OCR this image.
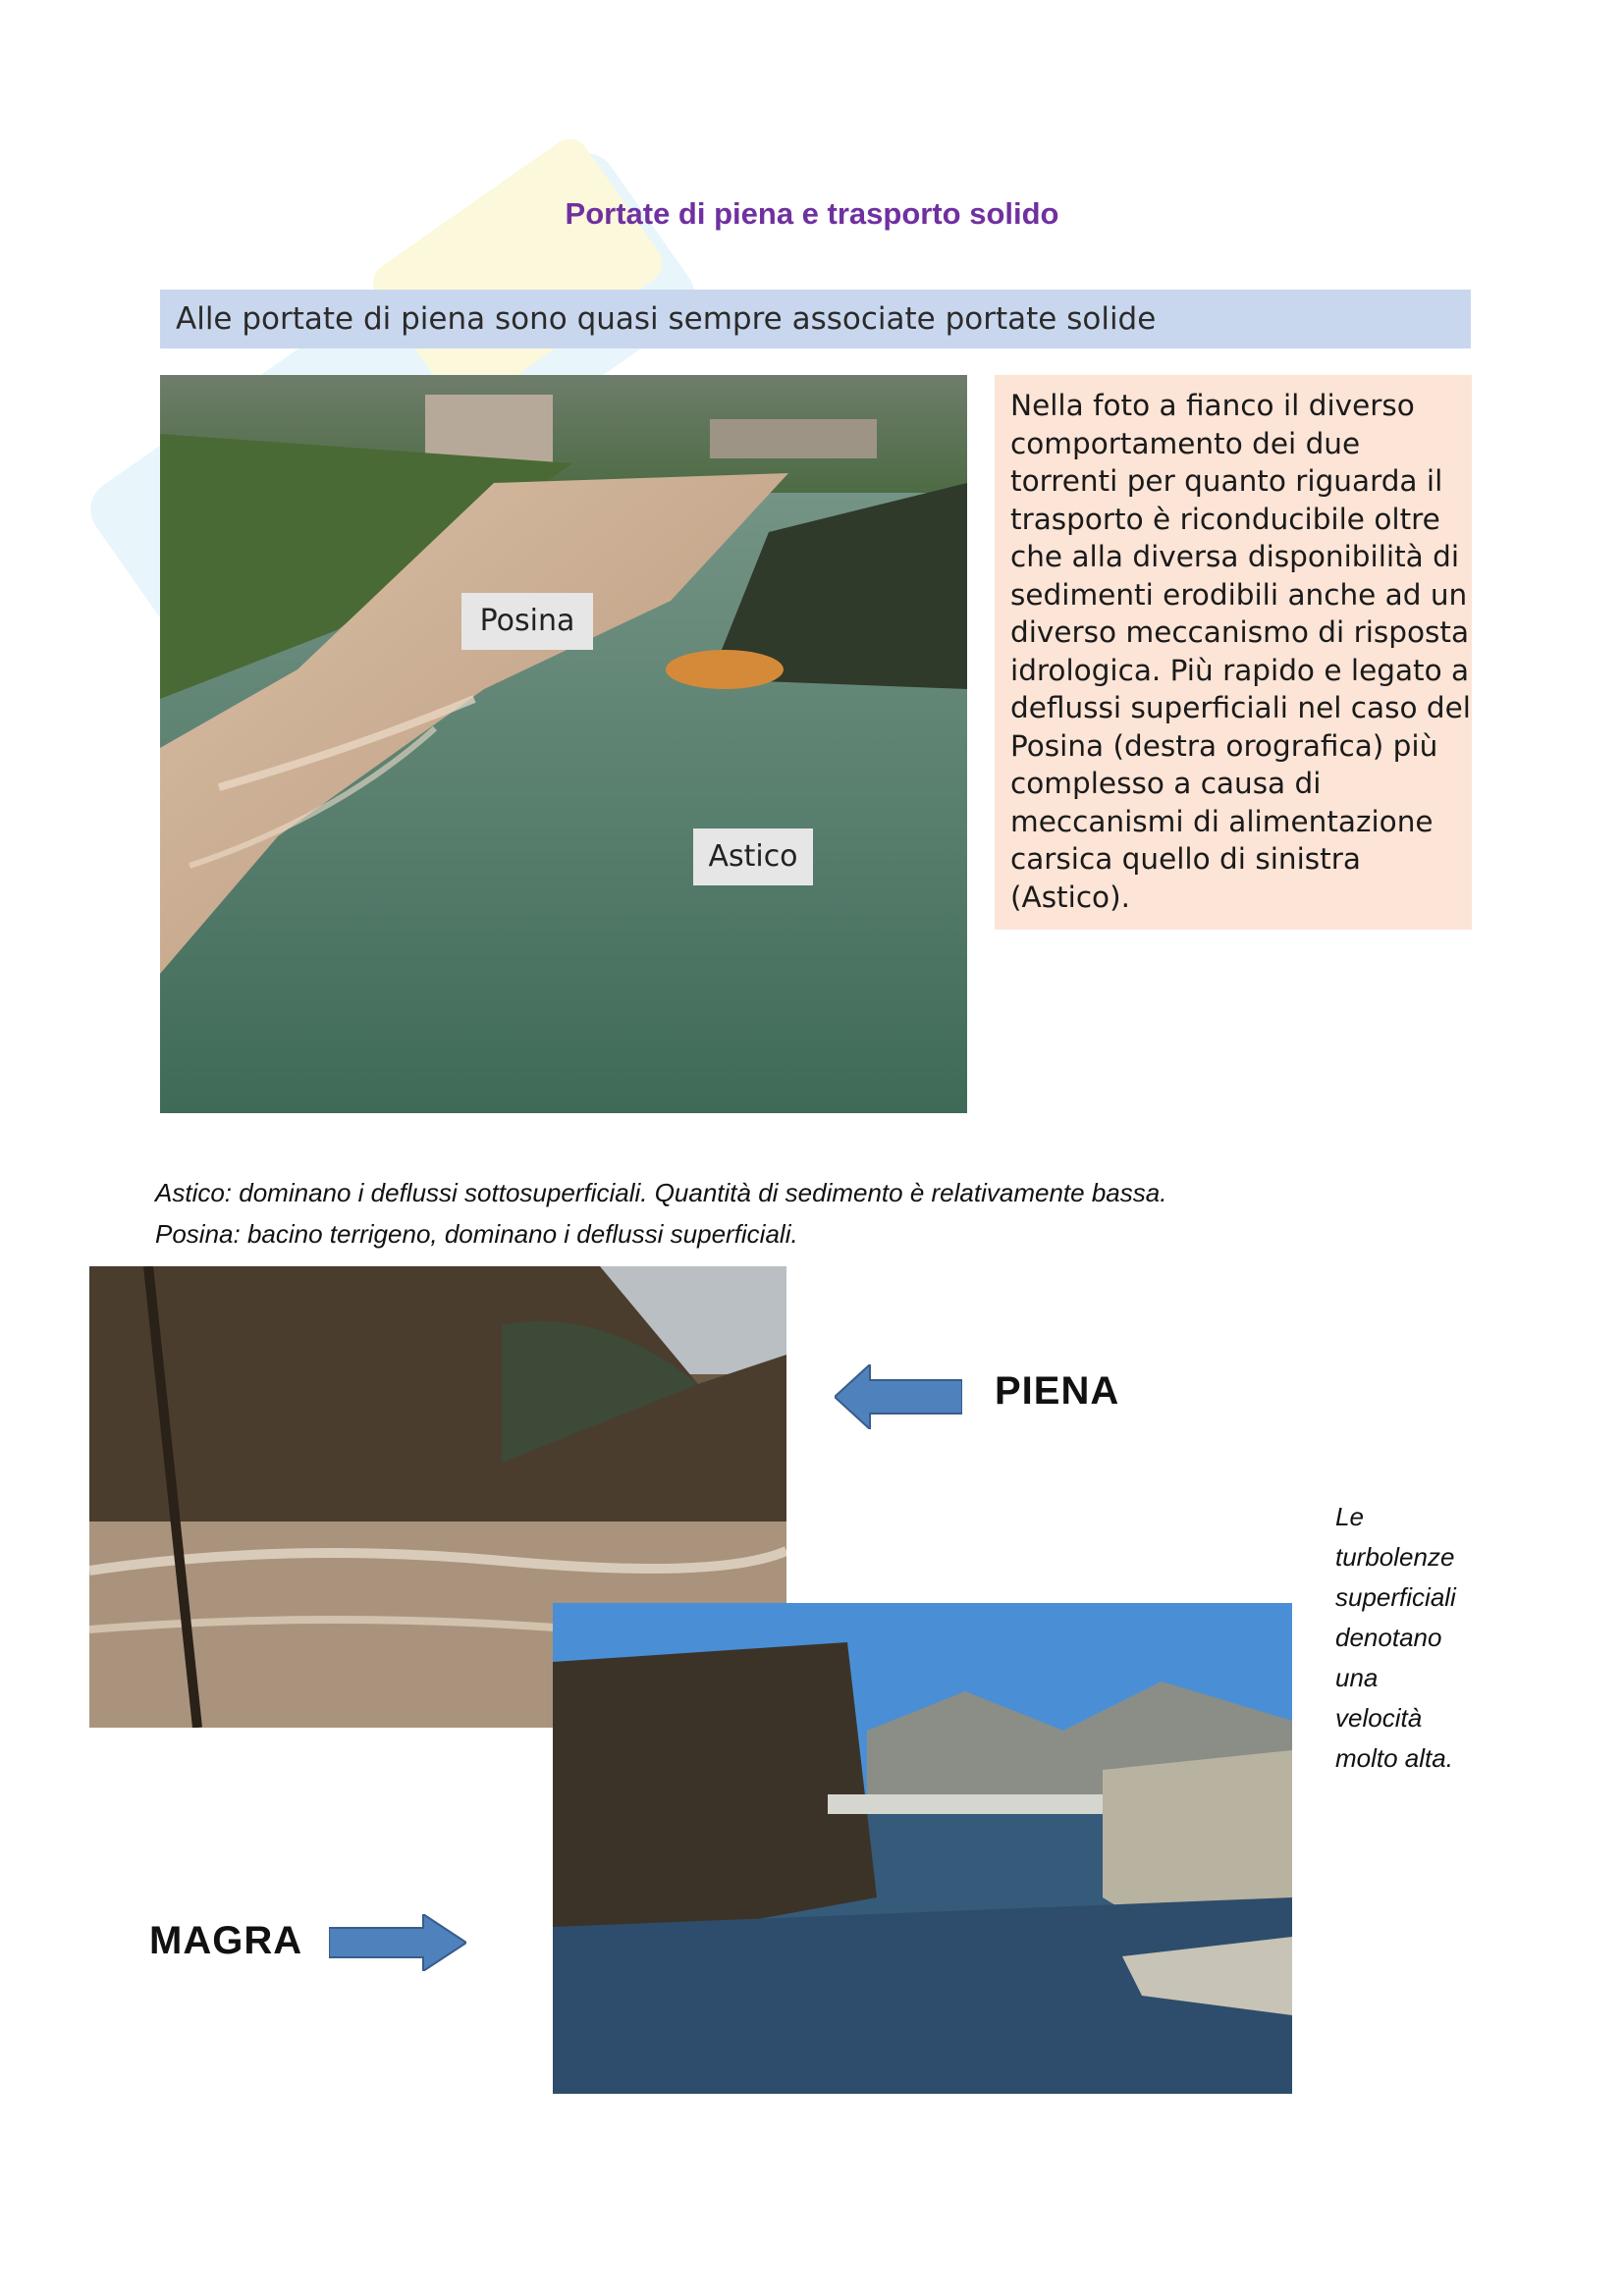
Portate di piena e trasporto solido
Alle portate di piena sono quasi sempre associate portate solide
Posina
Astico
Nella foto a fianco il diverso comportamento dei due torrenti per quanto riguarda il trasporto è riconducibile oltre che alla diversa disponibilità di sedimenti erodibili anche ad un diverso meccanismo di risposta idrologica. Più rapido e legato a deflussi superficiali nel caso del Posina (destra orografica) più complesso a causa di meccanismi di alimentazione carsica quello di sinistra (Astico).
Astico: dominano i deflussi sottosuperficiali. Quantità di sedimento è relativamente bassa.
Posina: bacino terrigeno, dominano i deflussi superficiali.
PIENA
MAGRA
Le
turbolenze
superficiali
denotano
una
velocità
molto alta.
